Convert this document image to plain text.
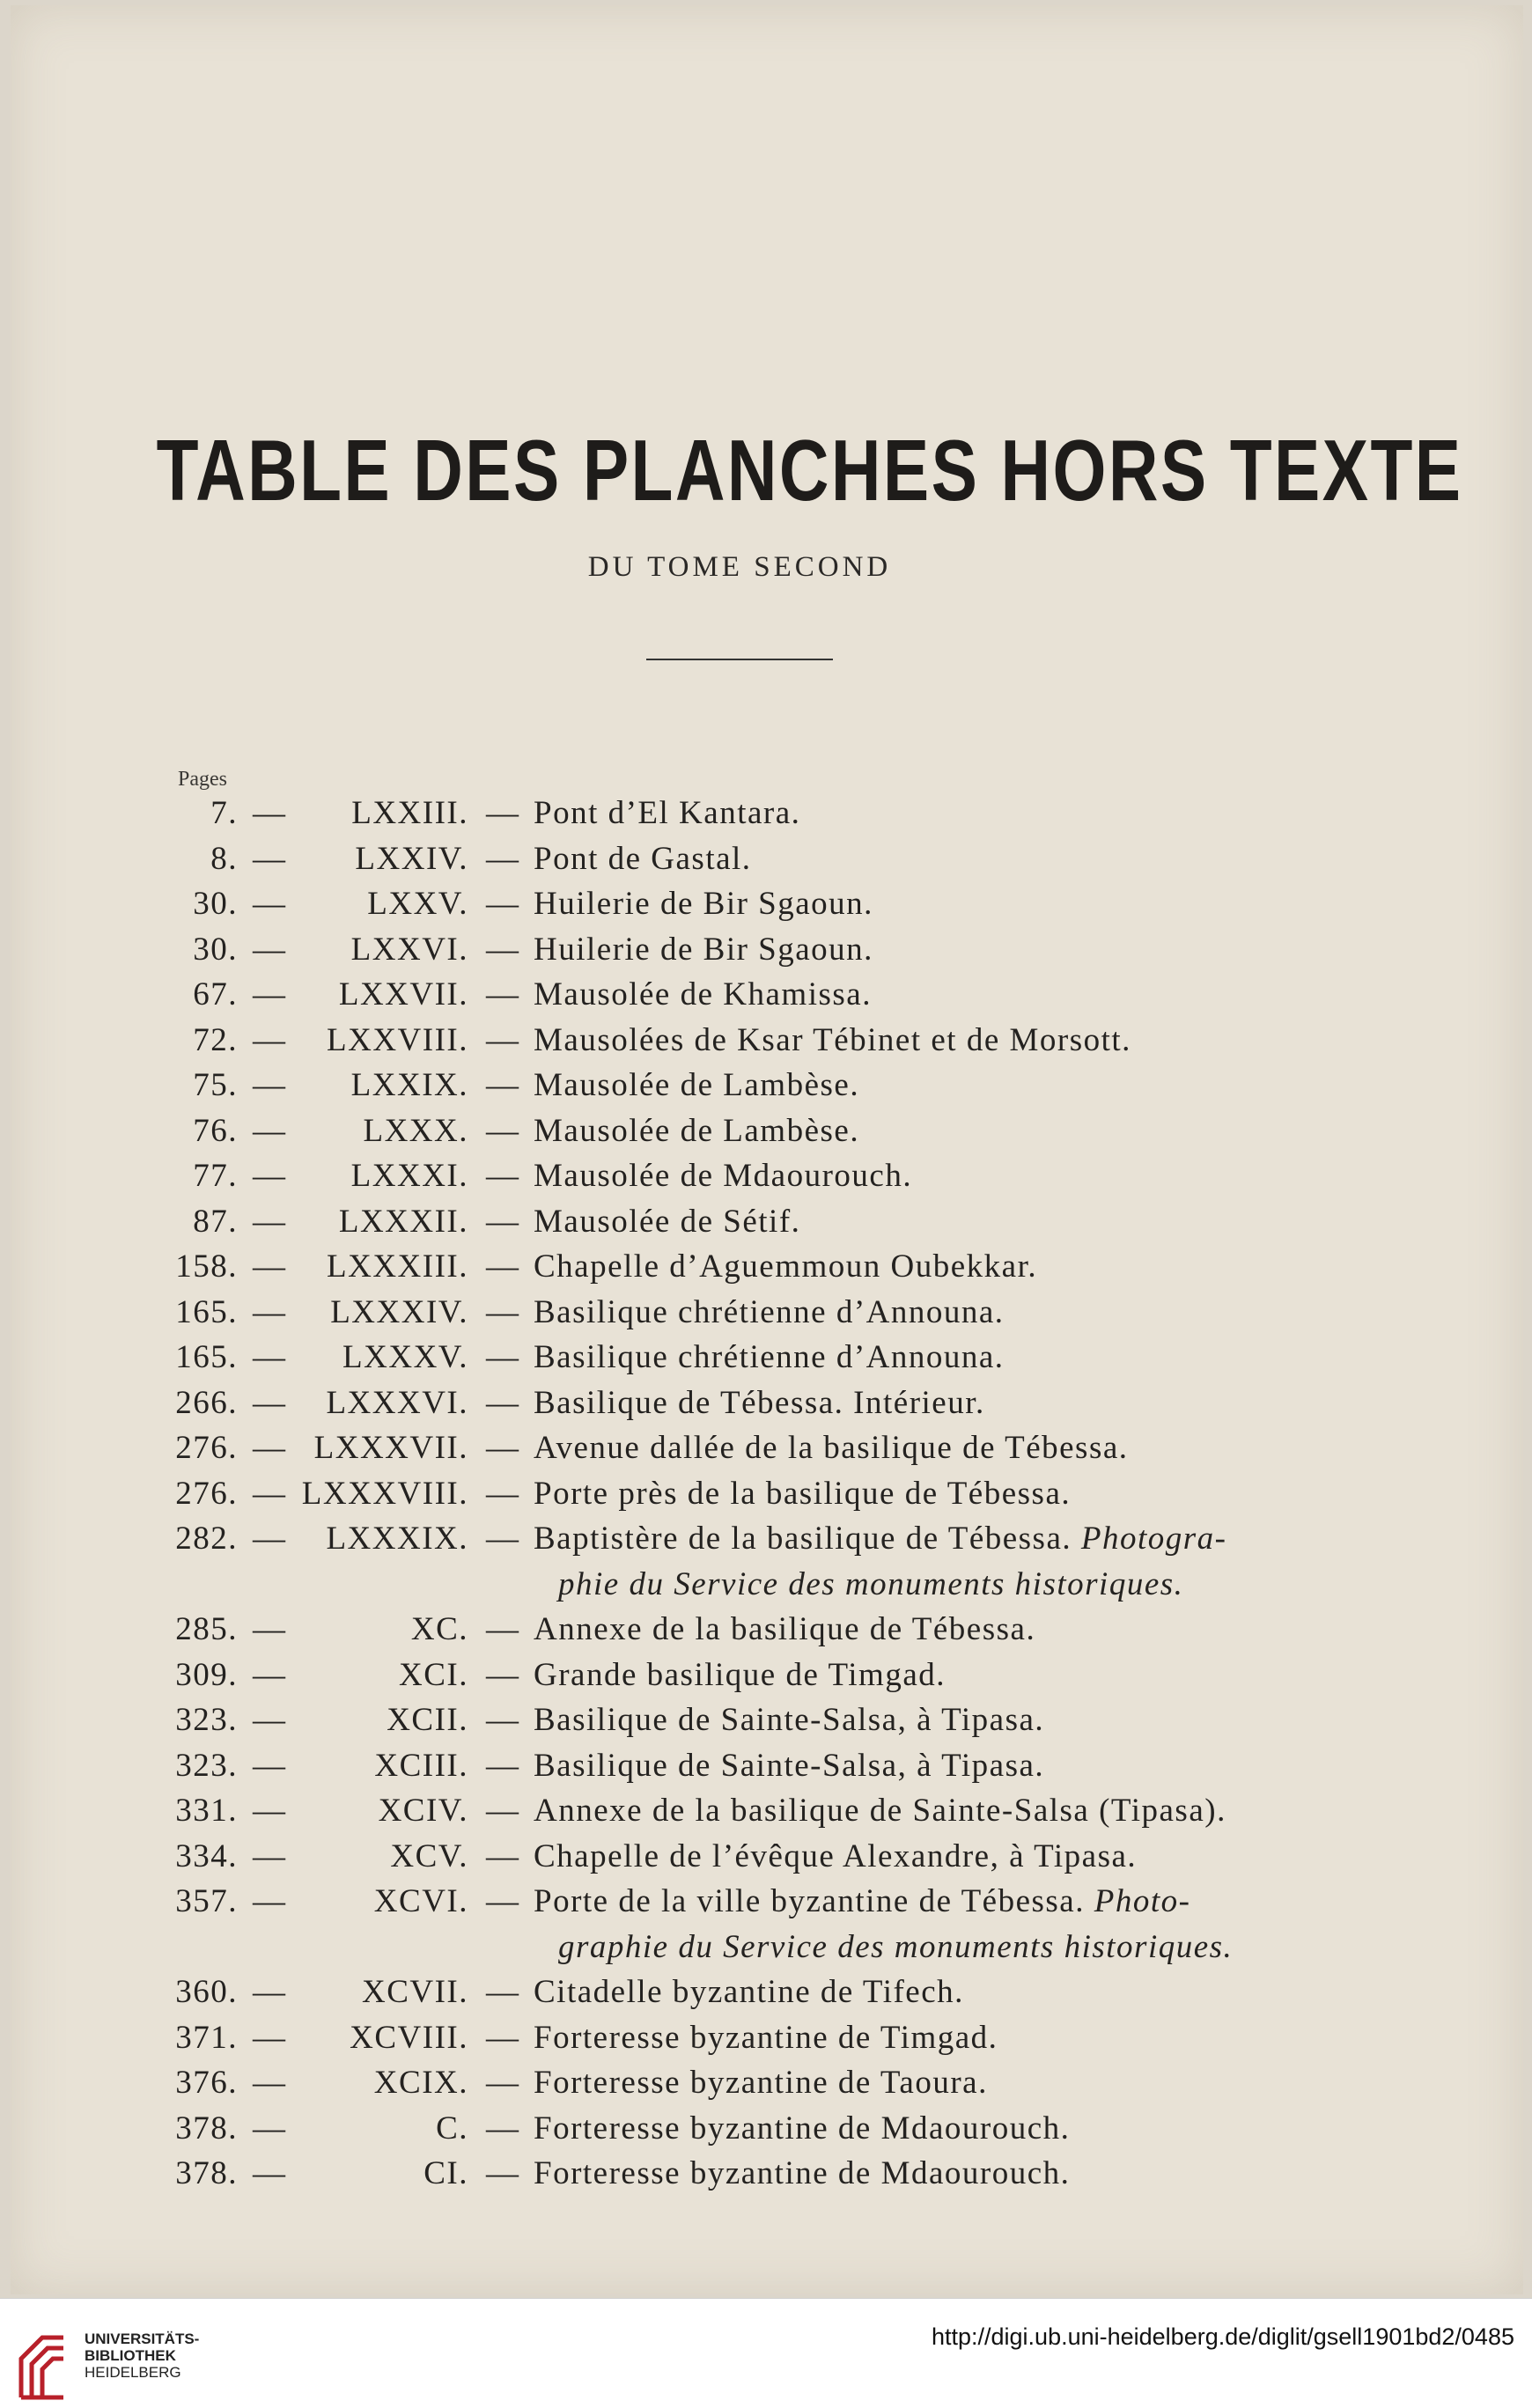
TABLE DES PLANCHES HORS TEXTE
DU TOME SECOND
Pages
7. — LXXIII. — Pont d’El Kantara.
8. — LXXIV. — Pont de Gastal.
30. — LXXV. — Huilerie de Bir Sgaoun.
30. — LXXVI. — Huilerie de Bir Sgaoun.
67. — LXXVII. — Mausolée de Khamissa.
72. — LXXVIII. — Mausolées de Ksar Tébinet et de Morsott.
75. — LXXIX. — Mausolée de Lambèse.
76. — LXXX. — Mausolée de Lambèse.
77. — LXXXI. — Mausolée de Mdaourouch.
87. — LXXXII. — Mausolée de Sétif.
158. — LXXXIII. — Chapelle d’Aguemmoun Oubekkar.
165. — LXXXIV. — Basilique chrétienne d’Announa.
165. — LXXXV. — Basilique chrétienne d’Announa.
266. — LXXXVI. — Basilique de Tébessa. Intérieur.
276. — LXXXVII. — Avenue dallée de la basilique de Tébessa.
276. — LXXXVIII. — Porte près de la basilique de Tébessa.
282. — LXXXIX. — Baptistère de la basilique de Tébessa. Photogra-
phie du Service des monuments historiques.
285. —	XC. — Annexe de la basilique de Tébessa.
309. —	XCI. — Grande basilique de Timgad.
323. —	XCII. — Basilique de Sainte-Salsa, à Tipasa.
323. —	XCIII. — Basilique de Sainte-Salsa, à Tipasa.
331. —	XCIV. — Annexe de la basilique de Sainte-Salsa (Tipasa).
334. —	XCV. — Chapelle de l’évêque Alexandre, à Tipasa.
357. —	XCVI. — Porte de la ville byzantine de Tébessa. Photo-
graphie du Service des monuments historiques.
360. — XCVII. — Citadelle byzantine de Tifech.
371. — XCVIII. — Forteresse byzantine de Timgad.
376. —	XCIX. — Forteresse byzantine de Taoura.
378. —	C. — Forteresse byzantine de Mdaourouch.
378. —	CI. — Forteresse byzantine de Mdaourouch.
UNIVERSITÄTS-
BIBLIOTHEK
HEIDELBERG
http://digi.ub.uni-heidelberg.de/diglit/gsell1901bd2/0485
